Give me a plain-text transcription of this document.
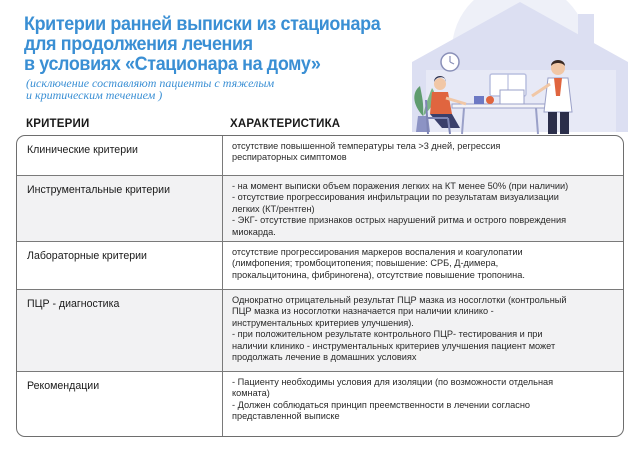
Критерии ранней выписки из стационара
для продолжения лечения
в условиях «Стационара на дому»
(исключение составляют пациенты с тяжелым
и критическим течением )
КРИТЕРИИ	ХАРАКТЕРИСТИКА
Клинические критерии	отсутствие повышенной температуры тела >3 дней, регрессия
респираторных симптомов
Инструментальные критерии	- на момент выписки объем поражения легких на КТ менее 50% (при наличии)
- отсутствие прогрессирования инфильтрации по результатам визуализации
легких (КТ/рентген)
- ЭКГ- отсутствие признаков острых нарушений ритма и острого повреждения
миокарда.
Лабораторные критерии	отсутствие прогрессирования маркеров воспаления и коагулопатии
(лимфопения; тромбоцитопения; повышение: СРБ, Д-димера,
прокальцитонина, фибриногена), отсутствие повышение тропонина.
ПЦР - диагностика	Однократно отрицательный результат ПЦР мазка из носоглотки (контрольный
ПЦР мазка из носоглотки назначается при наличии клинико -
инструментальных критериев улучшения).
- при положительном результате контрольного ПЦР- тестирования и при
наличии клинико - инструментальных критериев улучшения пациент может
продолжать лечение в домашних условиях
Рекомендации	- Пациенту необходимы условия для изоляции (по возможности отдельная
комната)
- Должен соблюдаться принцип преемственности в лечении согласно
представленной выписке
